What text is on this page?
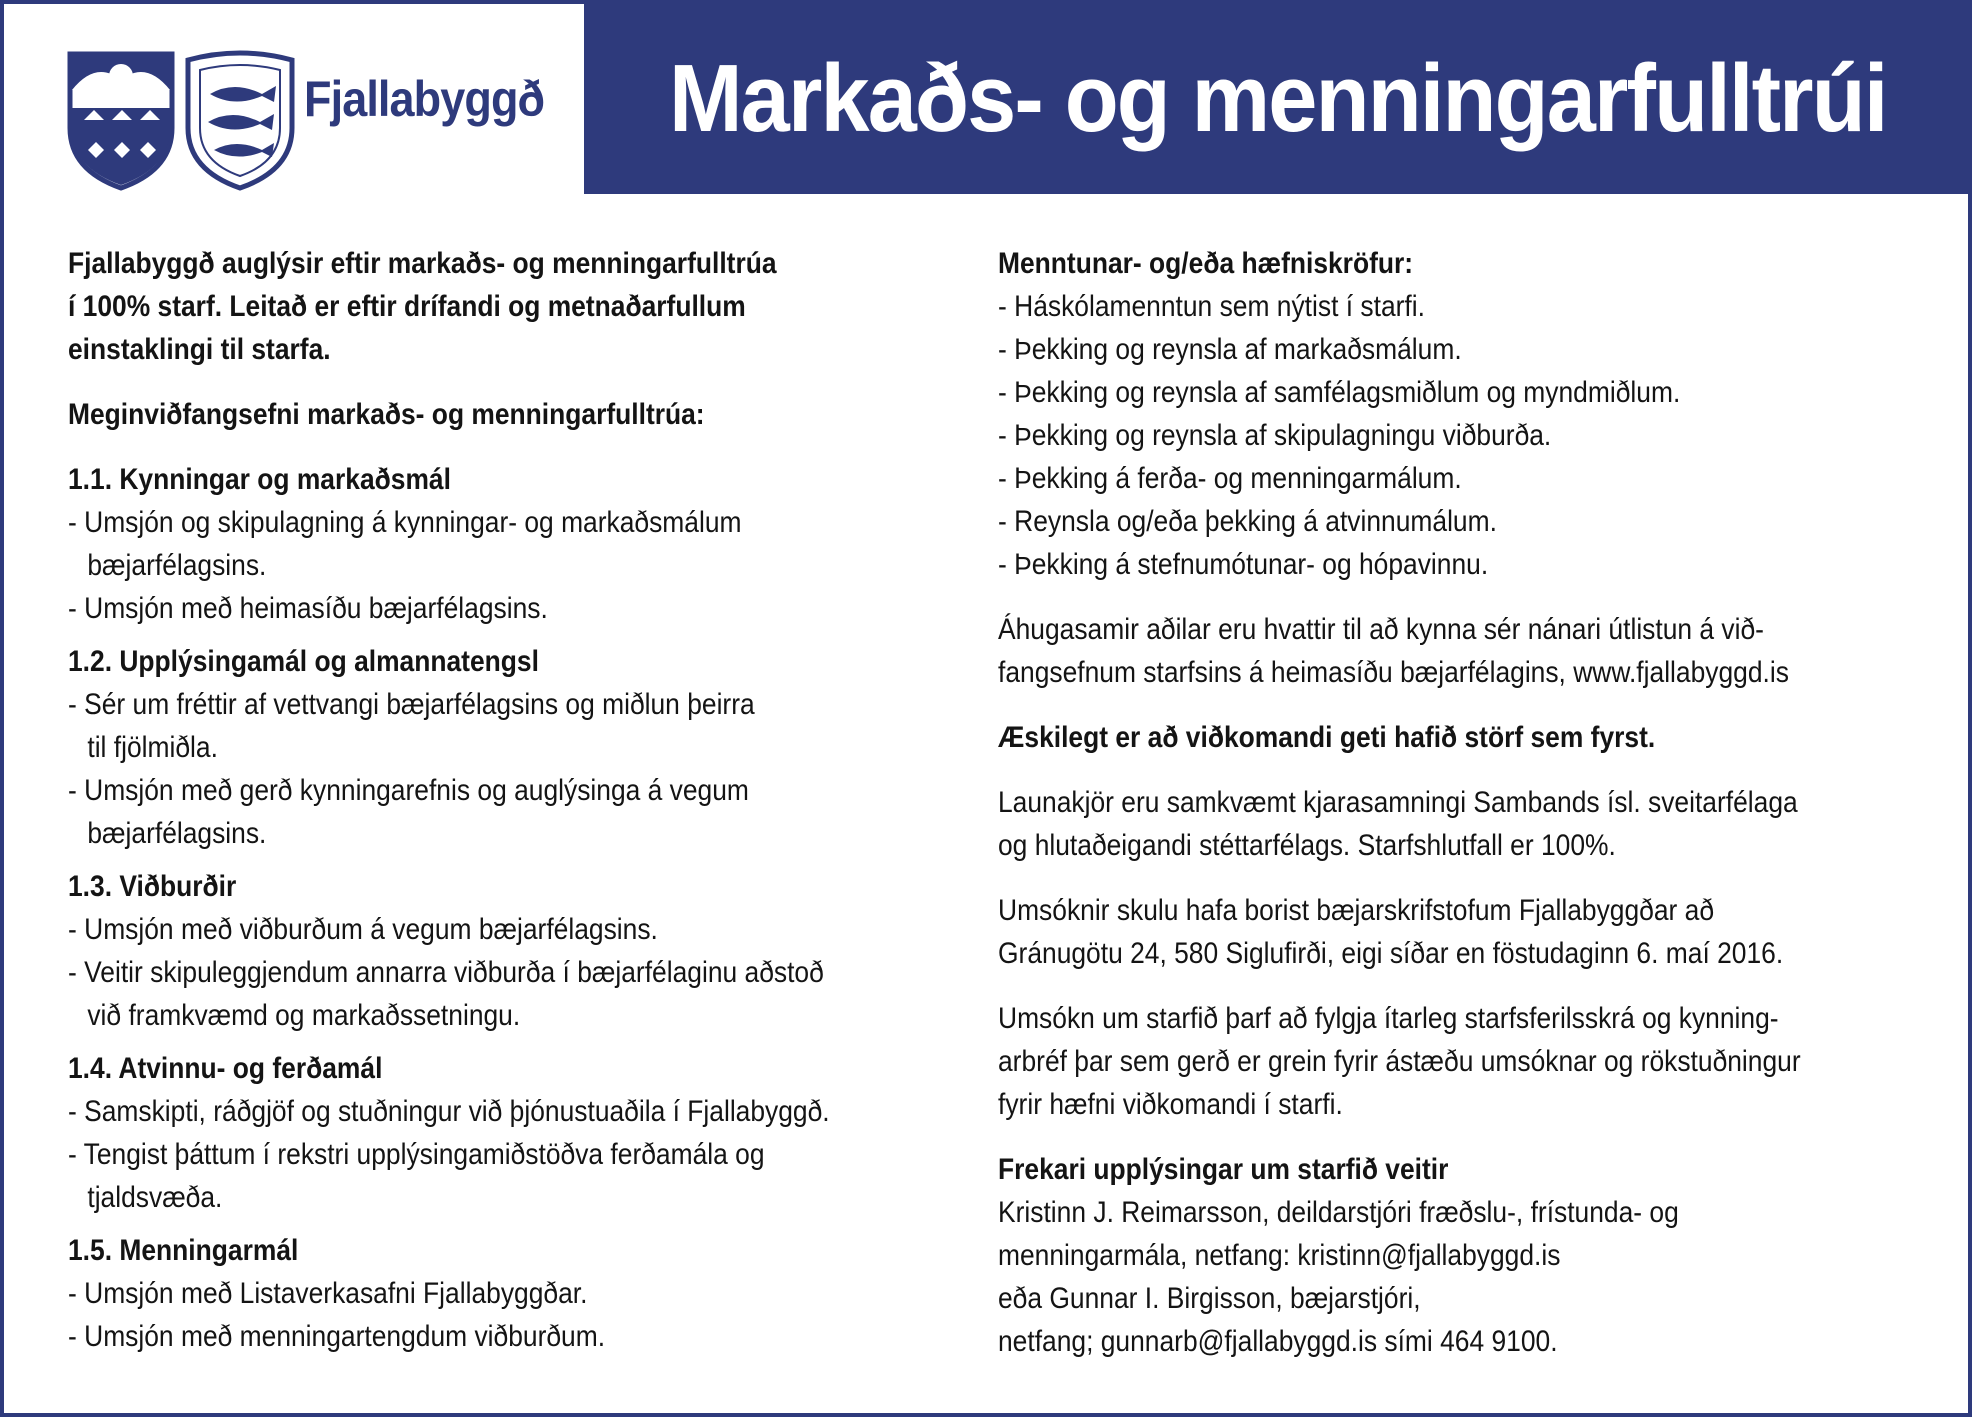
Fjallabyggð Markaðs- og menningarfulltrúi

Fjallabyggð auglýsir eftir markaðs- og menningarfulltrúa
í 100% starf. Leitað er eftir drífandi og metnaðarfullum
einstaklingi til starfa.

Meginviðfangsefni markaðs- og menningarfulltrúa:

1.1. Kynningar og markaðsmál

- Umsjón og skipulagning á kynningar- og markaðsmálum
bæjarfélagsins.

- Umsjón með heimasíðu bæjarfélagsins.

1.2. Upplýsingamál og almannatengsl

- Sér um fréttir af vettvangi bæjarfélagsins og miðlun þeirra
til fjölmiðla.

- Umsjón með gerð kynningarefnis og auglýsinga á vegum
bæjarfélagsins.

1.3. Viðburðir

- Umsjón með viðburðum á vegum bæjarfélagsins.

- Veitir skipuleggjendum annarra viðburða í bæjarfélaginu aðstoð
við framkvæmd og markaðssetningu.

1.4. Atvinnu- og ferðamál

- Samskipti, ráðgjöf og stuðningur við þjónustuaðila í Fjallabyggð.

- Tengist þáttum í rekstri upplýsingamiðstöðva ferðamála og
tjaldsvæða.

1.5. Menningarmál

- Umsjón með Listaverkasafni Fjallabyggðar.

- Umsjón með menningartengdum viðburðum.

Menntunar- og/eða hæfniskröfur:

- Háskólamenntun sem nýtist í starfi.

- Þekking og reynsla af markaðsmálum.

- Þekking og reynsla af samfélagsmiðlum og myndmiðlum.

- Þekking og reynsla af skipulagningu viðburða.

- Þekking á ferða- og menningarmálum.

- Reynsla og/eða þekking á atvinnumálum.

- Þekking á stefnumótunar- og hópavinnu.

Áhugasamir aðilar eru hvattir til að kynna sér nánari útlistun á við-
fangsefnum starfsins á heimasíðu bæjarfélagins, www.fjallabyggd.is

Æskilegt er að viðkomandi geti hafið störf sem fyrst.

Launakjör eru samkvæmt kjarasamningi Sambands ísl. sveitarfélaga
og hlutaðeigandi stéttarfélags. Starfshlutfall er 100%.

Umsóknir skulu hafa borist bæjarskrifstofum Fjallabyggðar að
Gránugötu 24, 580 Siglufirði, eigi síðar en föstudaginn 6. maí 2016.

Umsókn um starfið þarf að fylgja ítarleg starfsferilsskrá og kynning-
arbréf þar sem gerð er grein fyrir ástæðu umsóknar og rökstuðningur
fyrir hæfni viðkomandi í starfi.

Frekari upplýsingar um starfið veitir

Kristinn J. Reimarsson, deildarstjóri fræðslu-, frístunda- og

menningarmála, netfang: kristinn@fjallabyggd.is

eða Gunnar I. Birgisson, bæjarstjóri,

netfang; gunnarb@fjallabyggd.is sími 464 9100.
